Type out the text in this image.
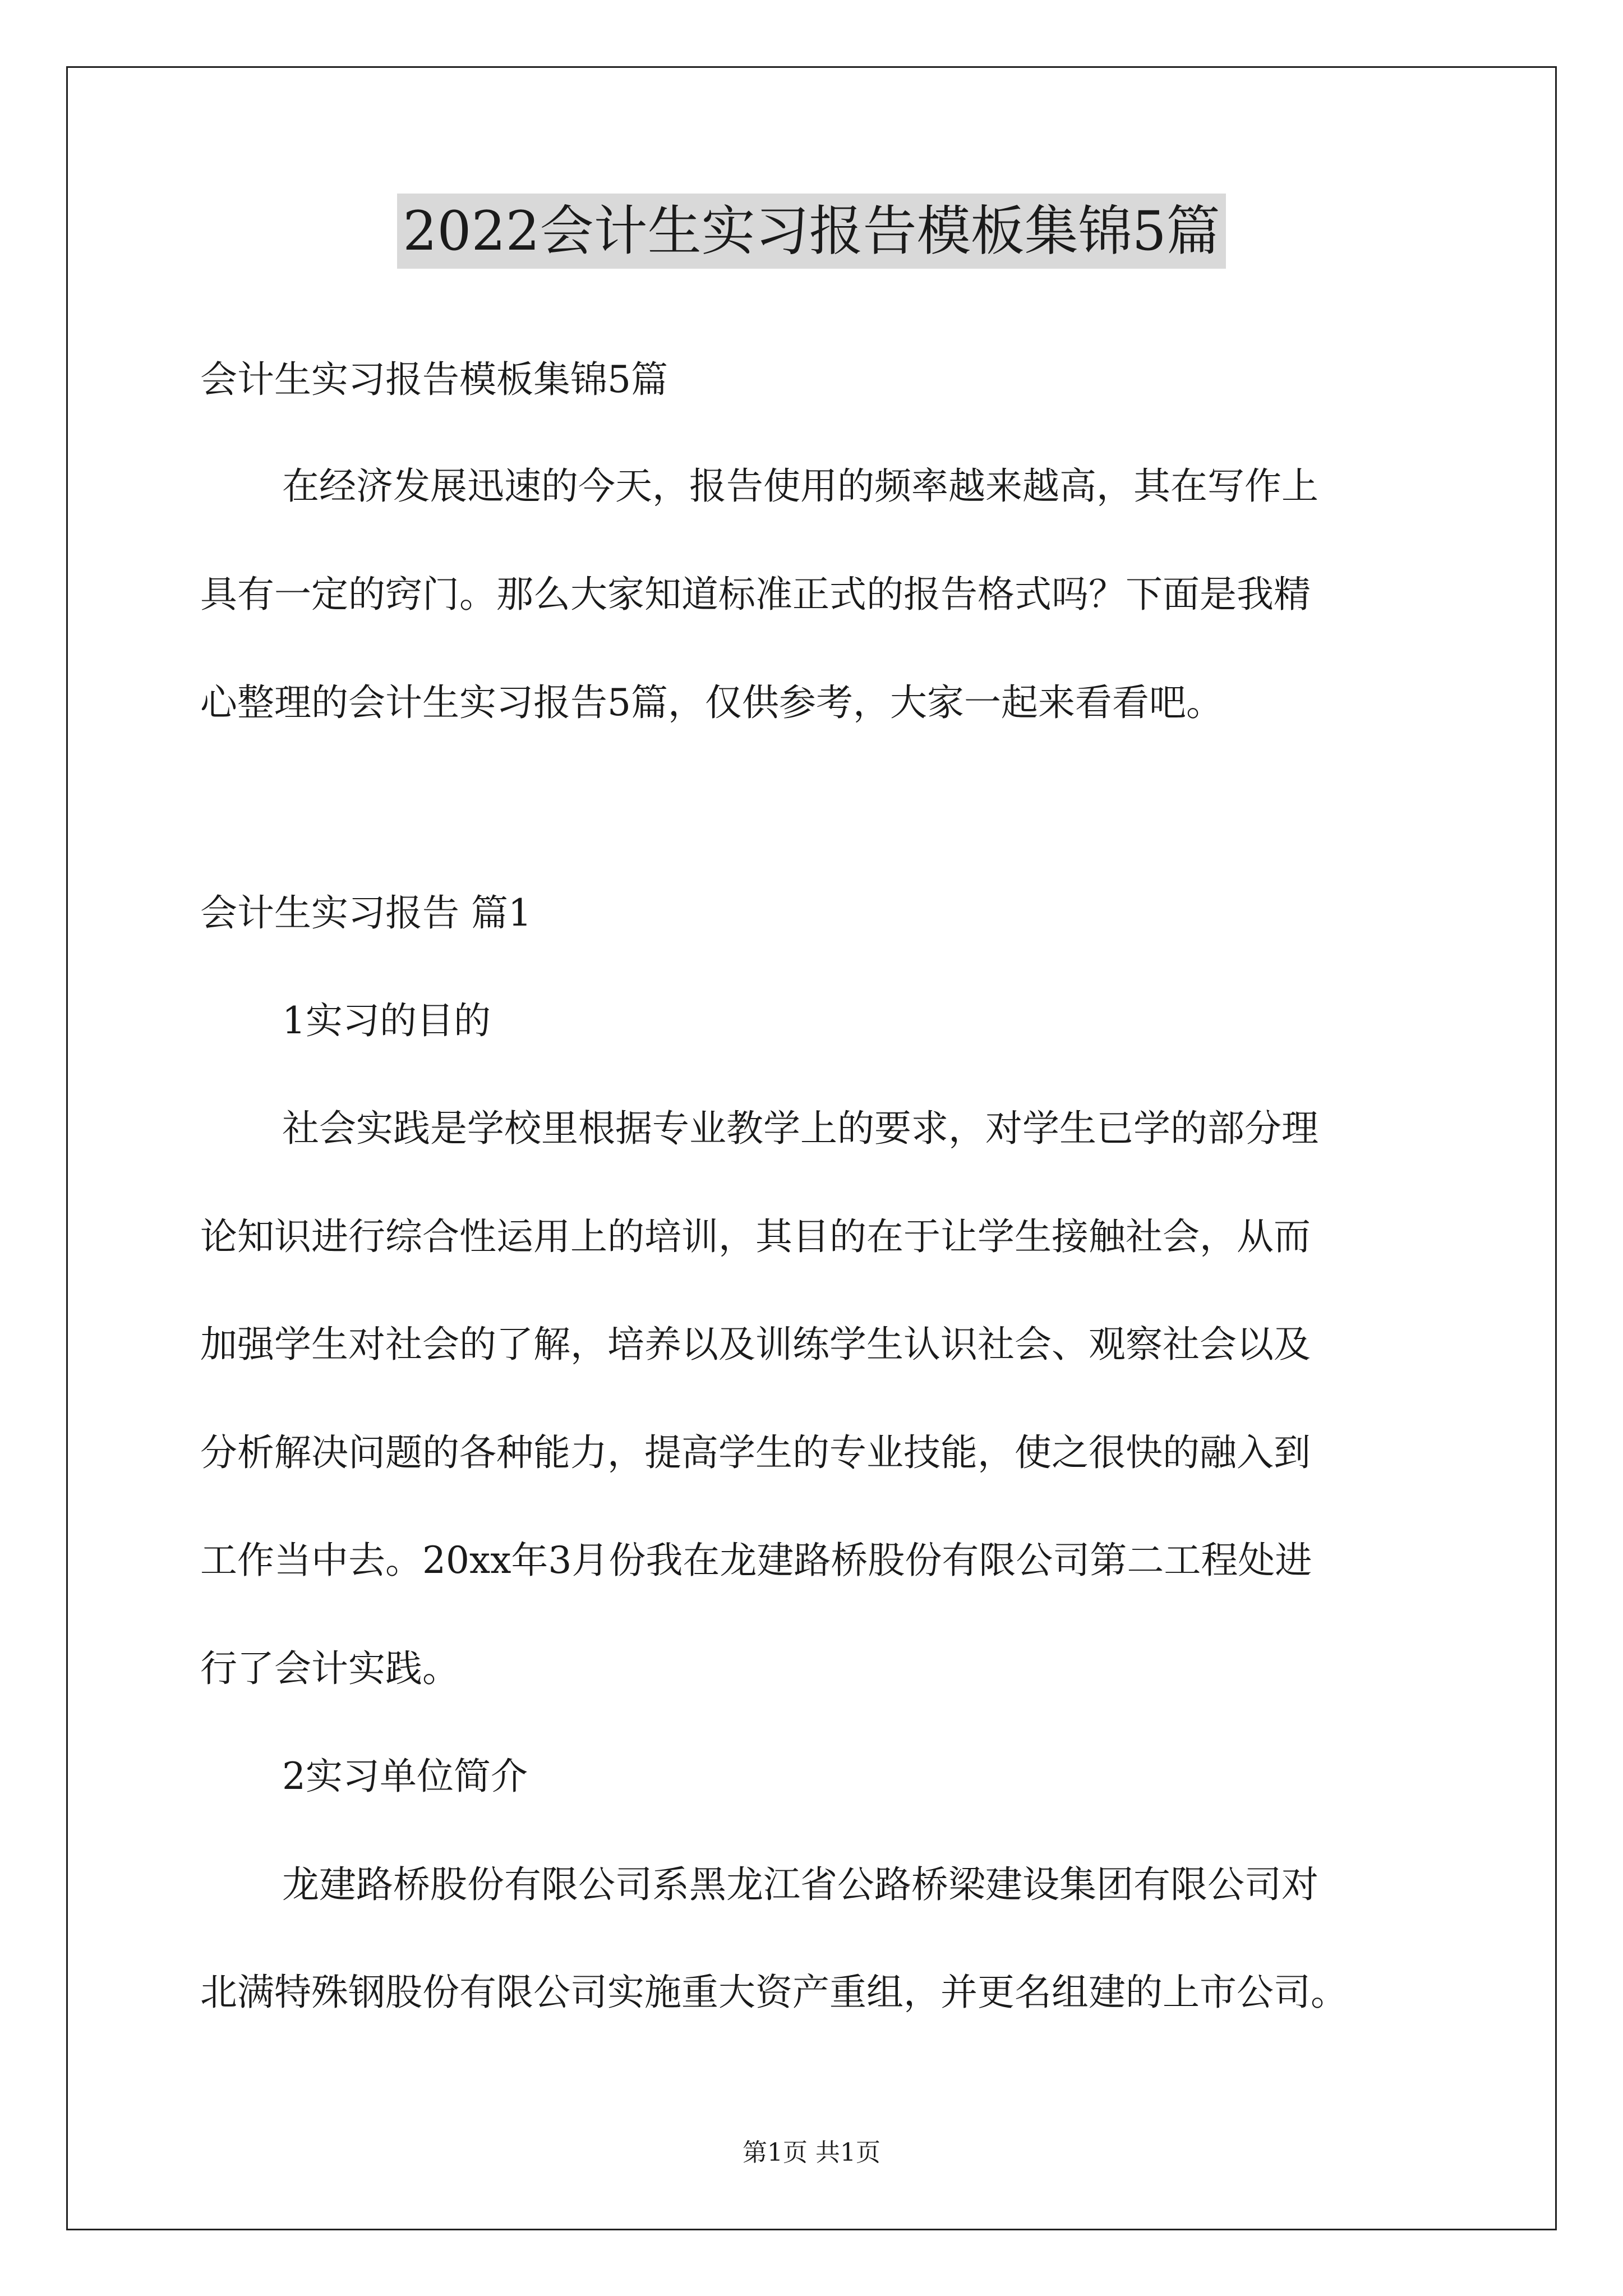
2022会计生实习报告模板集锦5篇

会计生实习报告模板集锦5篇

在经济发展迅速的今天，报告使用的频率越来越高，其在写作上

具有一定的窍门。那么大家知道标准正式的报告格式吗？下面是我精

心整理的会计生实习报告5篇，仅供参考，大家一起来看看吧。

会计生实习报告 篇1

1实习的目的

社会实践是学校里根据专业教学上的要求，对学生已学的部分理

论知识进行综合性运用上的培训，其目的在于让学生接触社会，从而

加强学生对社会的了解，培养以及训练学生认识社会、观察社会以及

分析解决问题的各种能力，提高学生的专业技能，使之很快的融入到

工作当中去。20xx年3月份我在龙建路桥股份有限公司第二工程处进

行了会计实践。

2实习单位简介

龙建路桥股份有限公司系黑龙江省公路桥梁建设集团有限公司对

北满特殊钢股份有限公司实施重大资产重组，并更名组建的上市公司。

第1页 共1页
